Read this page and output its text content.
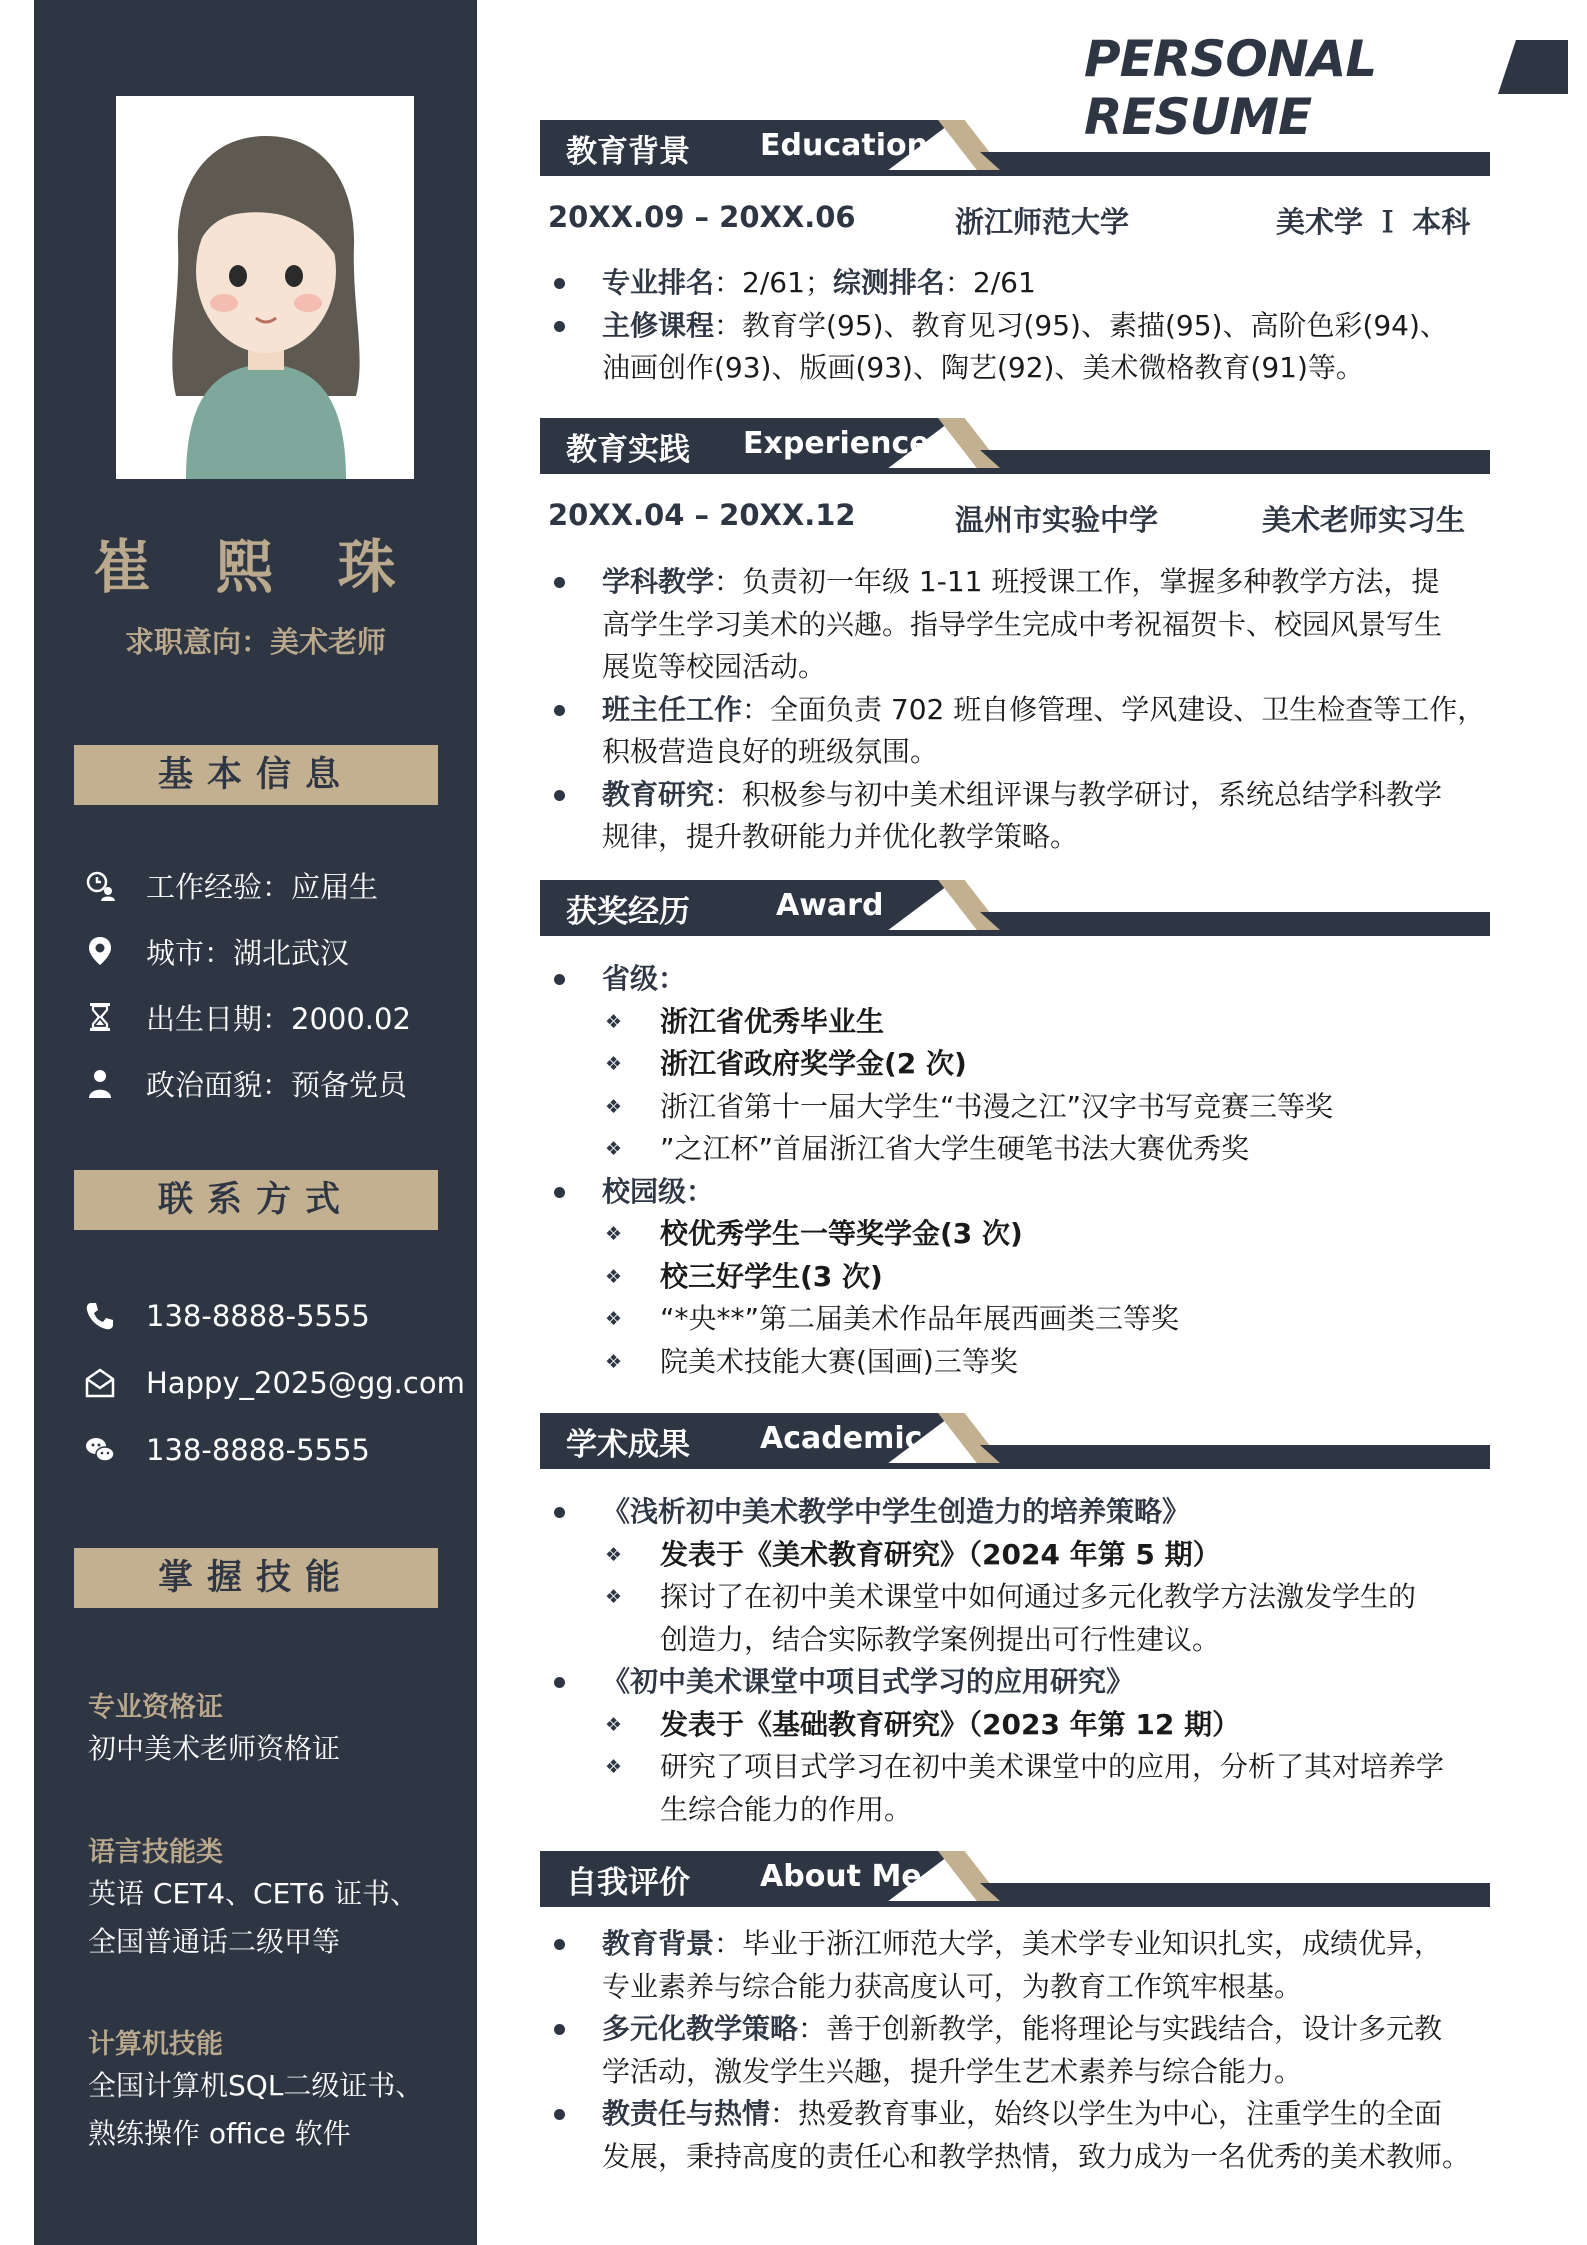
崔 熙 珠
求职意向：美术老师
基本信息
工作经验：应届生
城市：湖北武汉
出生日期：2000.02
政治面貌：预备党员
联系方式
138-8888-5555
Happy_2025@gg.com
138-8888-5555
掌握技能
专业资格证
初中美术老师资格证
语言技能类
英语 CET4、CET6 证书、
全国普通话二级甲等
计算机技能
全国计算机SQL二级证书、
熟练操作 office 软件
PERSONAL RESUME
教育背景 Education
20XX.09 – 20XX.06	浙江师范大学	美术学 Ｉ 本科
专业排名：2/61；综测排名：2/61
主修课程：教育学(95)、教育见习(95)、素描(95)、高阶色彩(94)、
油画创作(93)、版画(93)、陶艺(92)、美术微格教育(91)等。
教育实践 Experience
20XX.04 – 20XX.12	温州市实验中学	美术老师实习生
学科教学：负责初一年级 1-11 班授课工作，掌握多种教学方法，提
高学生学习美术的兴趣。指导学生完成中考祝福贺卡、校园风景写生
展览等校园活动。
班主任工作：全面负责 702 班自修管理、学风建设、卫生检查等工作，
积极营造良好的班级氛围。
教育研究：积极参与初中美术组评课与教学研讨，系统总结学科教学
规律，提升教研能力并优化教学策略。
获奖经历	Award
省级：
❖ 浙江省优秀毕业生
❖ 浙江省政府奖学金(2 次)
❖ 浙江省第十一届大学生“书漫之江”汉字书写竞赛三等奖
❖ ”之江杯”首届浙江省大学生硬笔书法大赛优秀奖
校园级：
❖ 校优秀学生一等奖学金(3 次)
❖ 校三好学生(3 次)
❖ “*央**”第二届美术作品年展西画类三等奖
❖ 院美术技能大赛(国画)三等奖
学术成果 Academic
《浅析初中美术教学中学生创造力的培养策略》
❖ 发表于《美术教育研究》（2024 年第 5 期）
❖ 探讨了在初中美术课堂中如何通过多元化教学方法激发学生的
创造力，结合实际教学案例提出可行性建议。
《初中美术课堂中项目式学习的应用研究》
❖ 发表于《基础教育研究》（2023 年第 12 期）
❖ 研究了项目式学习在初中美术课堂中的应用，分析了其对培养学
生综合能力的作用。
自我评价 About Me
教育背景：毕业于浙江师范大学，美术学专业知识扎实，成绩优异，
专业素养与综合能力获高度认可，为教育工作筑牢根基。
多元化教学策略：善于创新教学，能将理论与实践结合，设计多元教
学活动，激发学生兴趣，提升学生艺术素养与综合能力。
教责任与热情：热爱教育事业，始终以学生为中心，注重学生的全面
发展，秉持高度的责任心和教学热情，致力成为一名优秀的美术教师。
